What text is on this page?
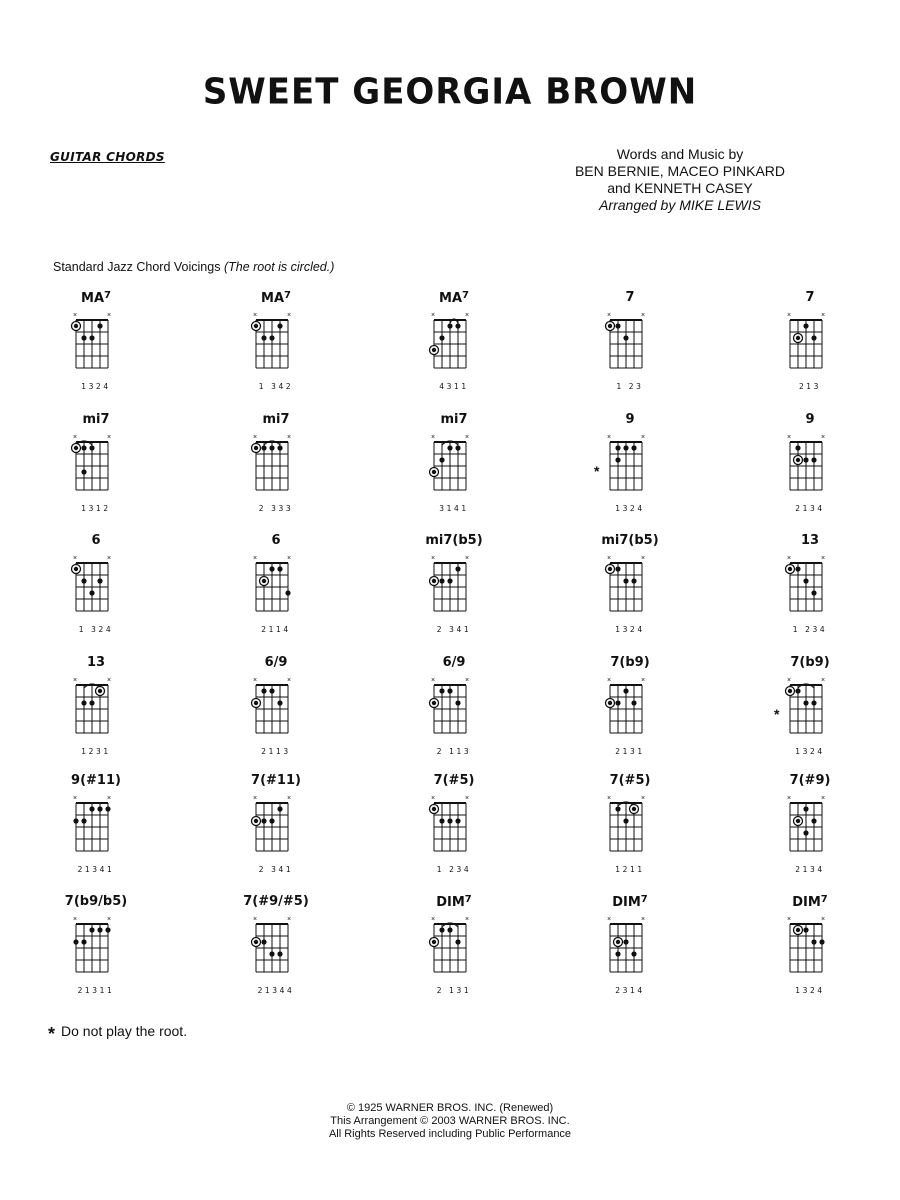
SWEET GEORGIA BROWN
GUITAR CHORDS	Words and Music by
BEN BERNIE, MACEO PINKARD
and KENNETH CASEY
Arranged by MIKE LEWIS
Standard Jazz Chord Voicings (The root is circled.)
$MA^7$
×	×
1324
$MA^7$
×	×
1 342
$MA^7$
×	×
4311
7
×	×
1 23
7
×	×
213
mi7
×	×
1312
mi7
×	×
2 333
mi7
×	×
3141
9
×	×
1324
*
9
×	×
2134
6
×	×
1 324
6
×	×
2114
mi7(b5)
×	×
2 341
mi7(b5)
×	×
1324
13
×	×
1 234
13
×	×
1231
6/9
×	×
2113
6/9
×	×
2 113
7(b9)
×	×
2131
7(b9)
×	×
1324
*
9(#11)
×	×
21341
7(#11)
×	×
2 341
7(#5)
×	×
1 234
7(#5)
×	×
1211
7(#9)
×	×
2134
7(b9/b5)
×	×
21311
7(#9/#5)
×	×
21344
$DIM^7$
×	×
2 131
$DIM^7$
×	×
2314
$DIM^7$
×	×
1324
* Do not play the root.
© 1925 WARNER BROS. INC. (Renewed)
This Arrangement © 2003 WARNER BROS. INC.
All Rights Reserved including Public Performance
